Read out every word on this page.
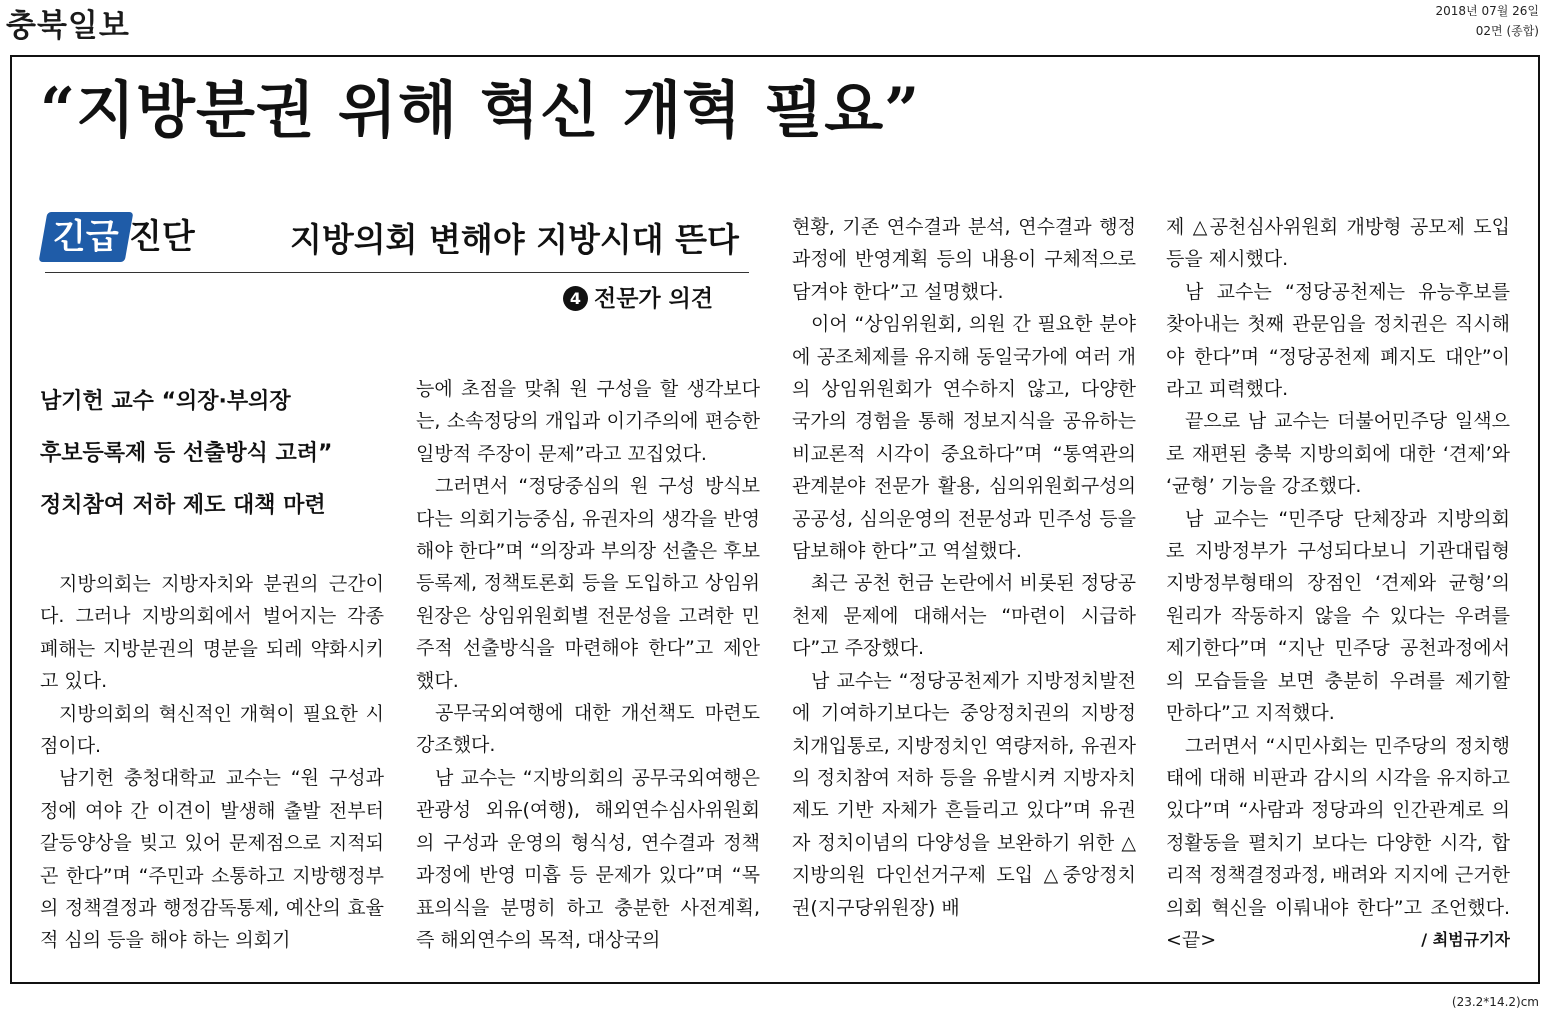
충북일보	2018년 07월 26일
02면 (종합)
“지방분권 위해 혁신 개혁 필요”
긴급 진단	지방의회 변해야 지방시대 뜬다
4 전문가 의견
남기헌 교수 “의장·부의장
후보등록제 등 선출방식 고려”
정치참여 저하 제도 대책 마련

지방의회는 지방자치와 분권의 근간이다. 그러나 지방의회에서 벌어지는 각종 폐해는 지방분권의 명분을 되레 약화시키고 있다.

지방의회의 혁신적인 개혁이 필요한 시점이다.

남기헌 충청대학교 교수는 “원 구성과정에 여야 간 이견이 발생해 출발 전부터 갈등양상을 빚고 있어 문제점으로 지적되곤 한다”며 “주민과 소통하고 지방행정부의 정책결정과 행정감독통제, 예산의 효율적 심의 등을 해야 하는 의회기

능에 초점을 맞춰 원 구성을 할 생각보다는, 소속정당의 개입과 이기주의에 편승한 일방적 주장이 문제”라고 꼬집었다.

그러면서 “정당중심의 원 구성 방식보다는 의회기능중심, 유권자의 생각을 반영해야 한다”며 “의장과 부의장 선출은 후보등록제, 정책토론회 등을 도입하고 상임위원장은 상임위원회별 전문성을 고려한 민주적 선출방식을 마련해야 한다”고 제안했다.

공무국외여행에 대한 개선책도 마련도 강조했다.

남 교수는 “지방의회의 공무국외여행은 관광성 외유(여행), 해외연수심사위원회의 구성과 운영의 형식성, 연수결과 정책과정에 반영 미흡 등 문제가 있다”며 “목표의식을 분명히 하고 충분한 사전계획, 즉 해외연수의 목적, 대상국의

현황, 기존 연수결과 분석, 연수결과 행정과정에 반영계획 등의 내용이 구체적으로 담겨야 한다”고 설명했다.

이어 “상임위원회, 의원 간 필요한 분야에 공조체제를 유지해 동일국가에 여러 개의 상임위원회가 연수하지 않고, 다양한 국가의 경험을 통해 정보지식을 공유하는 비교론적 시각이 중요하다”며 “통역관의 관계분야 전문가 활용, 심의위원회구성의 공공성, 심의운영의 전문성과 민주성 등을 담보해야 한다”고 역설했다.

최근 공천 헌금 논란에서 비롯된 정당공천제 문제에 대해서는 “마련이 시급하다”고 주장했다.

남 교수는 “정당공천제가 지방정치발전에 기여하기보다는 중앙정치권의 지방정치개입통로, 지방정치인 역량저하, 유권자의 정치참여 저하 등을 유발시켜 지방자치제도 기반 자체가 흔들리고 있다”며 유권자 정치이념의 다양성을 보완하기 위한 △지방의원 다인선거구제 도입 △중앙정치권(지구당위원장) 배

제 △공천심사위원회 개방형 공모제 도입 등을 제시했다.

남 교수는 “정당공천제는 유능후보를 찾아내는 첫째 관문임을 정치권은 직시해야 한다”며 “정당공천제 폐지도 대안”이라고 피력했다.

끝으로 남 교수는 더불어민주당 일색으로 재편된 충북 지방의회에 대한 ‘견제’와 ‘균형’ 기능을 강조했다.

남 교수는 “민주당 단체장과 지방의회로 지방정부가 구성되다보니 기관대립형 지방정부형태의 장점인 ‘견제와 균형’의 원리가 작동하지 않을 수 있다는 우려를 제기한다”며 “지난 민주당 공천과정에서의 모습들을 보면 충분히 우려를 제기할 만하다”고 지적했다.

그러면서 “시민사회는 민주당의 정치행태에 대해 비판과 감시의 시각을 유지하고 있다”며 “사람과 정당과의 인간관계로 의정활동을 펼치기 보다는 다양한 시각, 합리적 정책결정과정, 배려와 지지에 근거한 의회 혁신을 이뤄내야 한다”고 조언했다. <끝>	/ 최범규기자

(23.2*14.2)cm
